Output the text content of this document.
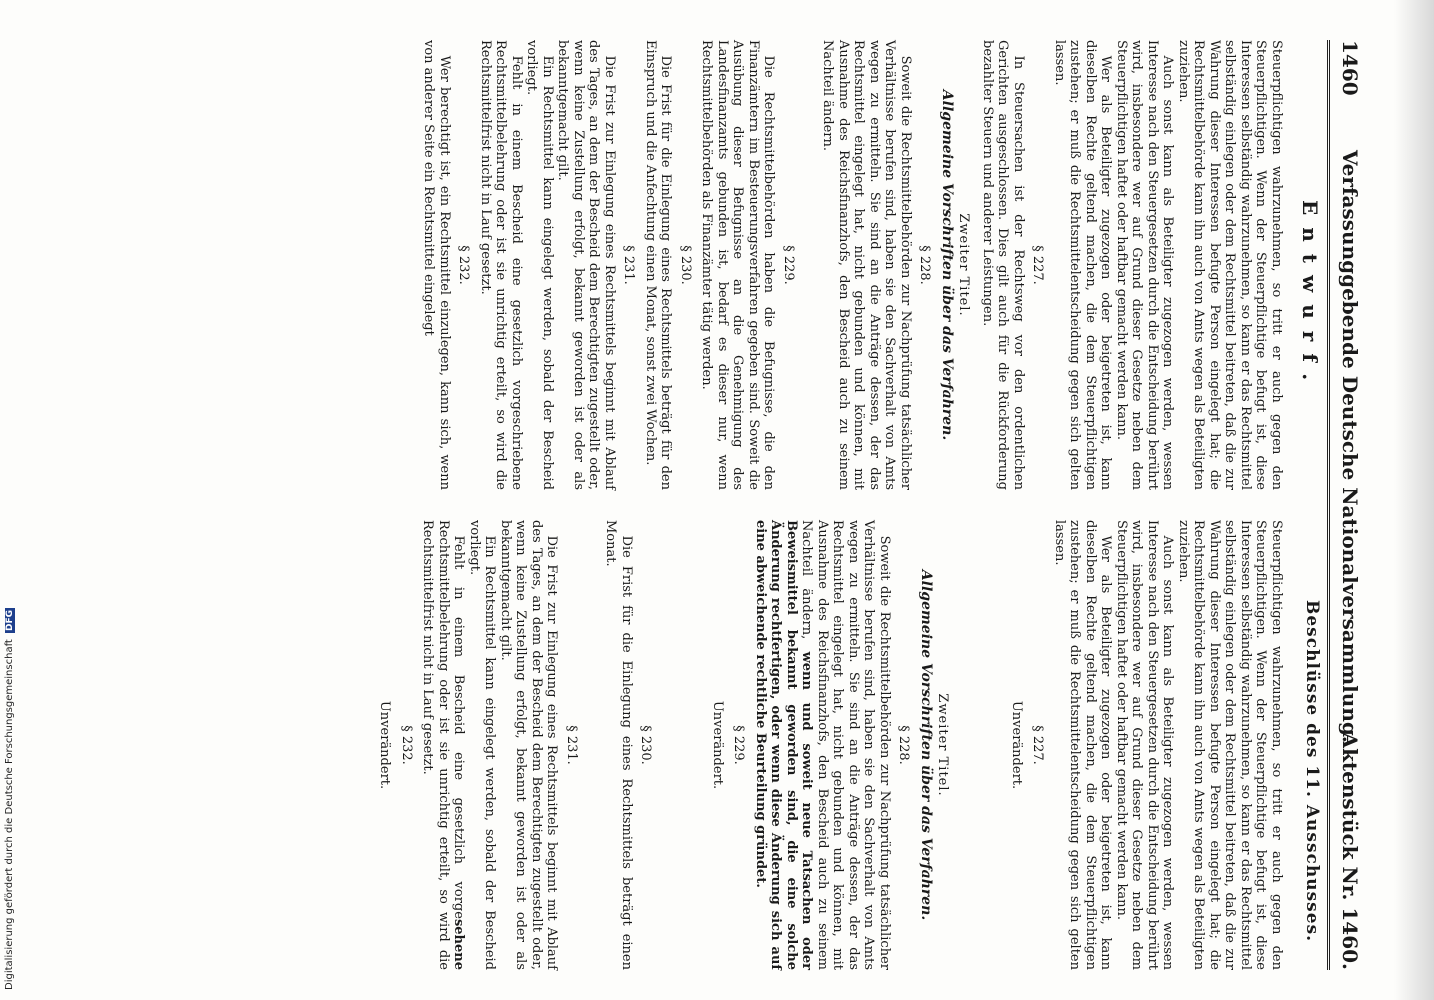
1460
Verfassunggebende Deutsche Nationalversammlung.
Aktenstück Nr. 1460.
Entwurf.
Beschlüsse des 11. Ausschusses.

Steuerpflichtigen wahrzunehmen, so tritt er auch gegen den Steuerpflichtigen. Wenn der Steuerpflichtige befugt ist, diese Interessen selbständig wahrzunehmen, so kann er das Rechtsmittel selbständig einlegen oder dem Rechtsmittel beitreten, daß die zur Wahrung dieser Interessen befugte Person eingelegt hat; die Rechtsmittelbehörde kann ihn auch von Amts wegen als Beteiligten zuziehen.

Auch sonst kann als Beteiligter zugezogen werden, wessen Interesse nach den Steuergesetzen durch die Entscheidung berührt wird, insbesondere wer auf Grund dieser Gesetze neben dem Steuerpflichtigen haftet oder haftbar gemacht werden kann.

Wer als Beteiligter zugezogen oder beigetreten ist, kann dieselben Rechte geltend machen, die dem Steuerpflichtigen zustehen; er muß die Rechtsmittelentscheidung gegen sich gelten lassen.

§ 227.

In Steuersachen ist der Rechtsweg vor den ordentlichen Gerichten ausgeschlossen. Dies gilt auch für die Rückforderung bezahlter Steuern und anderer Leistungen.

Zweiter Titel.
Allgemeine Vorschriften über das Verfahren.
§ 228.

Soweit die Rechtsmittelbehörden zur Nachprüfung tatsächlicher Verhältnisse berufen sind, haben sie den Sachverhalt von Amts wegen zu ermitteln. Sie sind an die Anträge dessen, der das Rechtsmittel eingelegt hat, nicht gebunden und können, mit Ausnahme des Reichsfinanzhofs, den Bescheid auch zu seinem Nachteil ändern.

§ 229.

Die Rechtsmittelbehörden haben die Befugnisse, die den Finanzämtern im Besteuerungsverfahren gegeben sind. Soweit die Ausübung dieser Befugnisse an die Genehmigung des Landesfinanzamts gebunden ist, bedarf es dieser nur, wenn Rechtsmittelbehörden als Finanzämter tätig werden.

§ 230.

Die Frist für die Einlegung eines Rechtsmittels beträgt für den Einspruch und die Anfechtung einen Monat, sonst zwei Wochen.

§ 231.

Die Frist zur Einlegung eines Rechtsmittels beginnt mit Ablauf des Tages, an dem der Bescheid dem Berechtigten zugestellt oder, wenn keine Zustellung erfolgt, bekannt geworden ist oder als bekanntgemacht gilt.

Ein Rechtsmittel kann eingelegt werden, sobald der Bescheid vorliegt.

Fehlt in einem Bescheid eine gesetzlich vorgeschriebene Rechtsmittelbelehrung oder ist sie unrichtig erteilt, so wird die Rechtsmittelfrist nicht in Lauf gesetzt.

§ 232.

Wer berechtigt ist, ein Rechtsmittel einzulegen, kann sich, wenn von anderer Seite ein Rechtsmittel eingelegt

Steuerpflichtigen wahrzunehmen, so tritt er auch gegen den Steuerpflichtigen. Wenn der Steuerpflichtige befugt ist, diese Interessen selbständig wahrzunehmen, so kann er das Rechtsmittel selbständig einlegen oder dem Rechtsmittel beitreten, daß die zur Wahrung dieser Interessen befugte Person eingelegt hat; die Rechtsmittelbehörde kann ihn auch von Amts wegen als Beteiligten zuziehen.

Auch sonst kann als Beteiligter zugezogen werden, wessen Interesse nach den Steuergesetzen durch die Entscheidung berührt wird, insbesondere wer auf Grund dieser Gesetze neben dem Steuerpflichtigen haftet oder haftbar gemacht werden kann.

Wer als Beteiligter zugezogen oder beigetreten ist, kann dieselben Rechte geltend machen, die dem Steuerpflichtigen zustehen; er muß die Rechtsmittelentscheidung gegen sich gelten lassen.

§ 227.
Unverändert.
Zweiter Titel.
Allgemeine Vorschriften über das Verfahren.
§ 228.

Soweit die Rechtsmittelbehörden zur Nachprüfung tatsächlicher Verhältnisse berufen sind, haben sie den Sachverhalt von Amts wegen zu ermitteln. Sie sind an die Anträge dessen, der das Rechtsmittel eingelegt hat, nicht gebunden und können, mit Ausnahme des Reichsfinanzhofs, den Bescheid auch zu seinem Nachteil ändern, wenn und soweit neue Tatsachen oder Beweismittel bekannt geworden sind, die eine solche Änderung rechtfertigen, oder wenn diese Änderung sich auf eine abweichende rechtliche Beurteilung gründet.

§ 229.
Unverändert.
§ 230.

Die Frist für die Einlegung eines Rechtsmittels beträgt einen Monat.

§ 231.

Die Frist zur Einlegung eines Rechtsmittels beginnt mit Ablauf des Tages, an dem der Bescheid dem Berechtigten zugestellt oder, wenn keine Zustellung erfolgt, bekannt geworden ist oder als bekanntgemacht gilt.

Ein Rechtsmittel kann eingelegt werden, sobald der Bescheid vorliegt.

Fehlt in einem Bescheid eine gesetzlich vorgesehene Rechtsmittelbelehrung oder ist sie unrichtig erteilt, so wird die Rechtsmittelfrist nicht in Lauf gesetzt.

§ 232.
Unverändert.
Digitalisierung gefördert durch die Deutsche Forschungsgemeinschaft DFG
